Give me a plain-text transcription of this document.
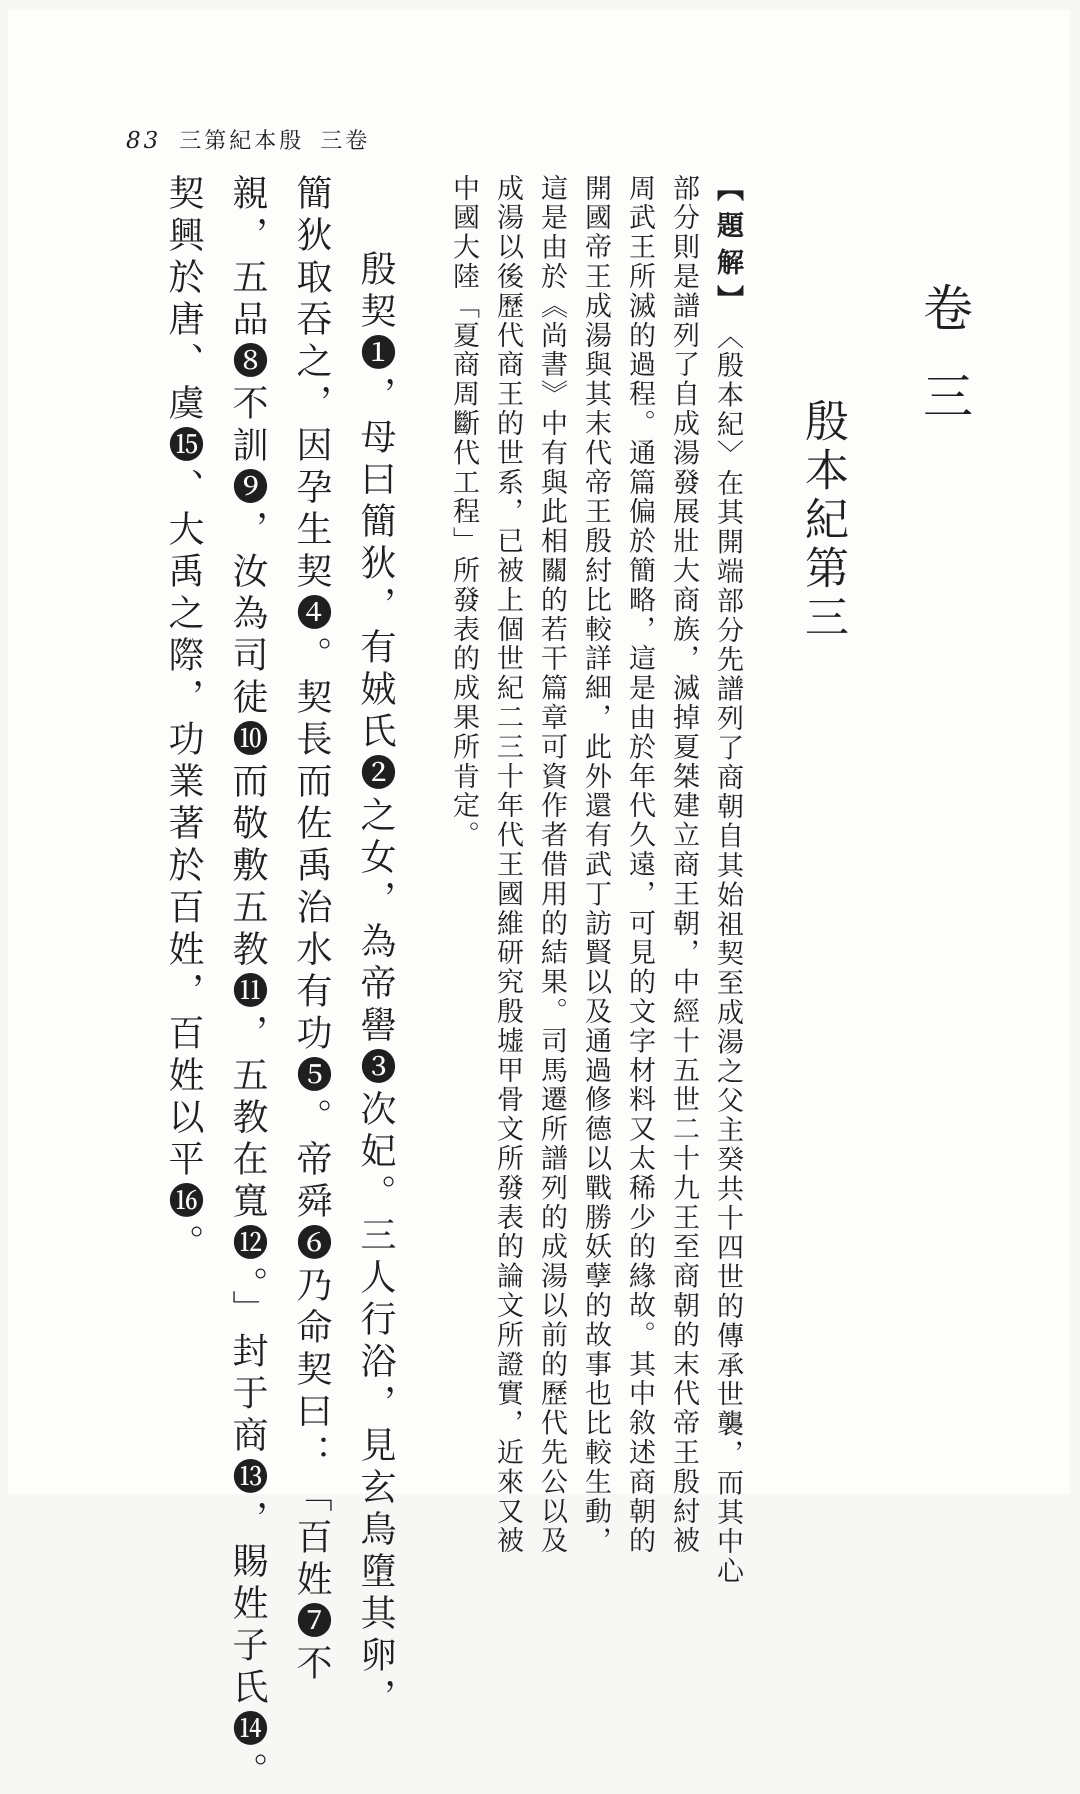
83 三第紀本殷 三卷
卷三
殷本紀第三
【題解】〈殷本紀〉在其開端部分先譜列了商朝自其始祖契至成湯之父主癸共十四世的傳承世襲，而其中心
部分則是譜列了自成湯發展壯大商族，滅掉夏桀建立商王朝，中經十五世二十九王至商朝的末代帝王殷紂被
周武王所滅的過程。通篇偏於簡略，這是由於年代久遠，可見的文字材料又太稀少的緣故。其中敘述商朝的
開國帝王成湯與其末代帝王殷紂比較詳細，此外還有武丁訪賢以及通過修德以戰勝妖孽的故事也比較生動，
這是由於《尚書》中有與此相關的若干篇章可資作者借用的結果。司馬遷所譜列的成湯以前的歷代先公以及
成湯以後歷代商王的世系，已被上個世紀二三十年代王國維研究殷墟甲骨文所發表的論文所證實，近來又被
中國大陸「夏商周斷代工程」所發表的成果所肯定。
殷契❶，母曰簡狄，有娀氏❷之女，為帝嚳❸次妃。三人行浴，見玄鳥墮其卵，
簡狄取吞之，因孕生契❹。契長而佐禹治水有功❺。帝舜❻乃命契曰：「百姓❼不
親，五品❽不訓❾，汝為司徒❿而敬敷五教⓫，五教在寬⓬。」封于商⓭，賜姓子氏⓮。
契興於唐、虞⓯、大禹之際，功業著於百姓，百姓以平⓰。
